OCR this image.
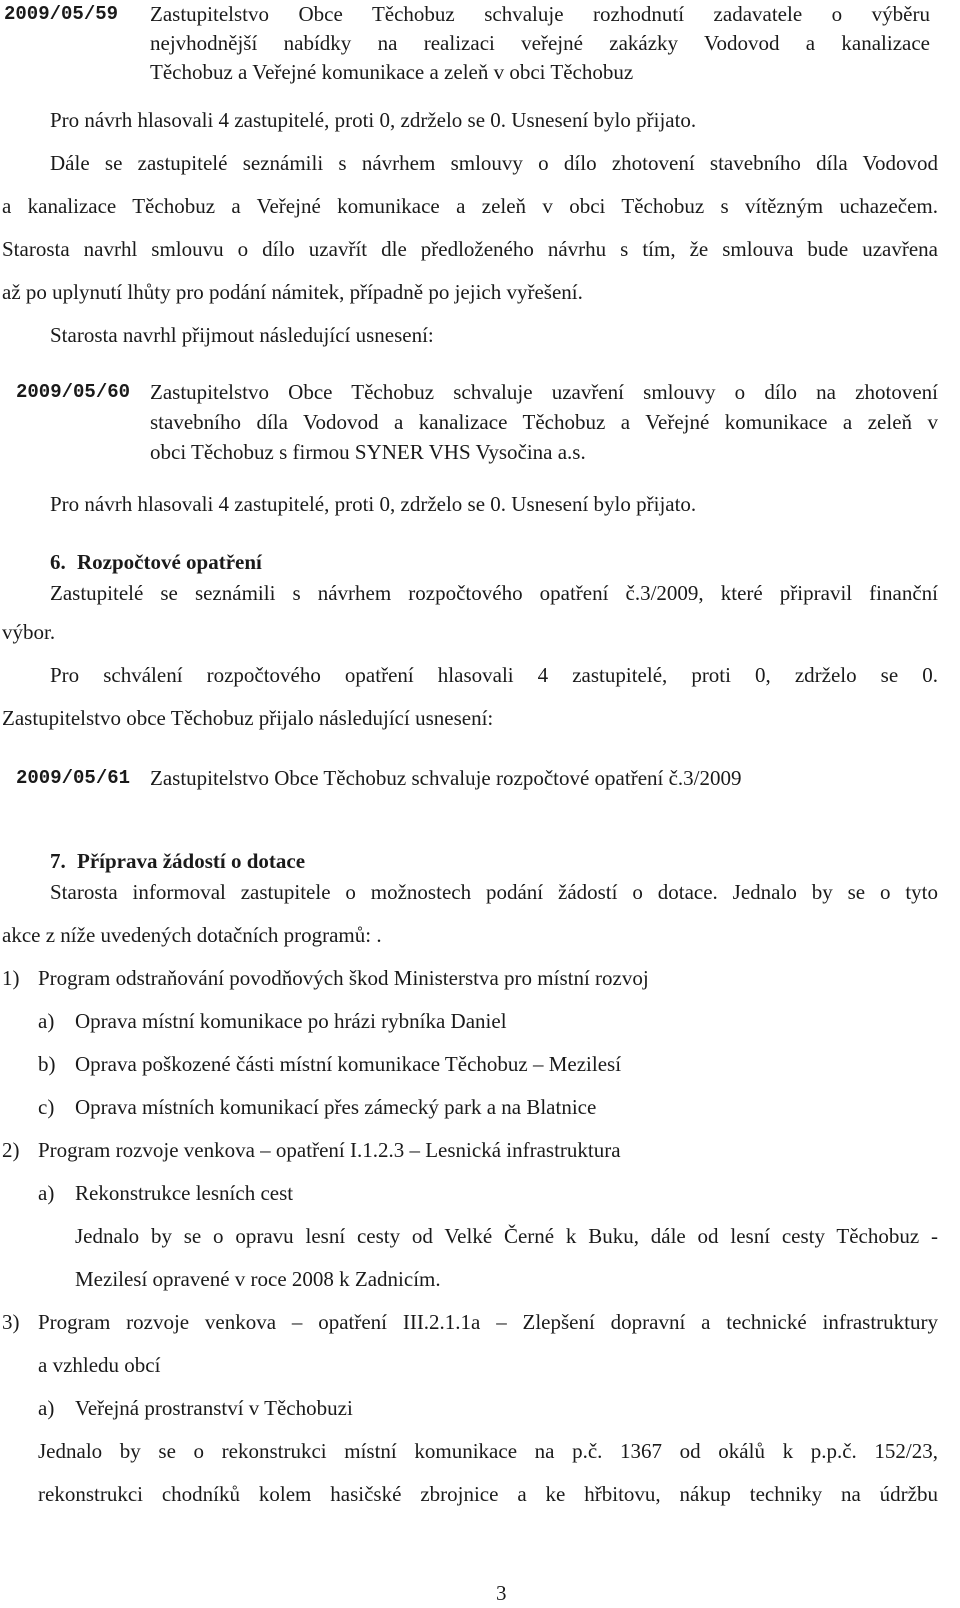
2009/05/59 Zastupitelstvo Obce Těchobuz schvaluje rozhodnutí zadavatele o výběru
nejvhodnější nabídky na realizaci veřejné zakázky Vodovod a kanalizace
Těchobuz a Veřejné komunikace a zeleň v obci Těchobuz
Pro návrh hlasovali 4 zastupitelé, proti 0, zdrželo se 0. Usnesení bylo přijato.
Dále se zastupitelé seznámili s návrhem smlouvy o dílo zhotovení stavebního díla Vodovod
a kanalizace Těchobuz a Veřejné komunikace a zeleň v obci Těchobuz s vítězným uchazečem.
Starosta navrhl smlouvu o dílo uzavřít dle předloženého návrhu s tím, že smlouva bude uzavřena
až po uplynutí lhůty pro podání námitek, případně po jejich vyřešení.
Starosta navrhl přijmout následující usnesení:
2009/05/60 Zastupitelstvo Obce Těchobuz schvaluje uzavření smlouvy o dílo na zhotovení
stavebního díla Vodovod a kanalizace Těchobuz a Veřejné komunikace a zeleň v
obci Těchobuz s firmou SYNER VHS Vysočina a.s.
Pro návrh hlasovali 4 zastupitelé, proti 0, zdrželo se 0. Usnesení bylo přijato.
6. Rozpočtové opatření
Zastupitelé se seznámili s návrhem rozpočtového opatření č.3/2009, které připravil finanční
výbor.
Pro schválení rozpočtového opatření hlasovali 4 zastupitelé, proti 0, zdrželo se 0.
Zastupitelstvo obce Těchobuz přijalo následující usnesení:
2009/05/61 Zastupitelstvo Obce Těchobuz schvaluje rozpočtové opatření č.3/2009
7. Příprava žádostí o dotace
Starosta informoval zastupitele o možnostech podání žádostí o dotace. Jednalo by se o tyto
akce z níže uvedených dotačních programů: .
1) Program odstraňování povodňových škod Ministerstva pro místní rozvoj
a) Oprava místní komunikace po hrázi rybníka Daniel
b) Oprava poškozené části místní komunikace Těchobuz – Mezilesí
c) Oprava místních komunikací přes zámecký park a na Blatnice
2) Program rozvoje venkova – opatření I.1.2.3 – Lesnická infrastruktura
a) Rekonstrukce lesních cest
Jednalo by se o opravu lesní cesty od Velké Černé k Buku, dále od lesní cesty Těchobuz -
Mezilesí opravené v roce 2008 k Zadnicím.
3) Program rozvoje venkova – opatření III.2.1.1a – Zlepšení dopravní a technické infrastruktury
a vzhledu obcí
a) Veřejná prostranství v Těchobuzi
Jednalo by se o rekonstrukci místní komunikace na p.č. 1367 od okálů k p.p.č. 152/23,
rekonstrukci chodníků kolem hasičské zbrojnice a ke hřbitovu, nákup techniky na údržbu
3
